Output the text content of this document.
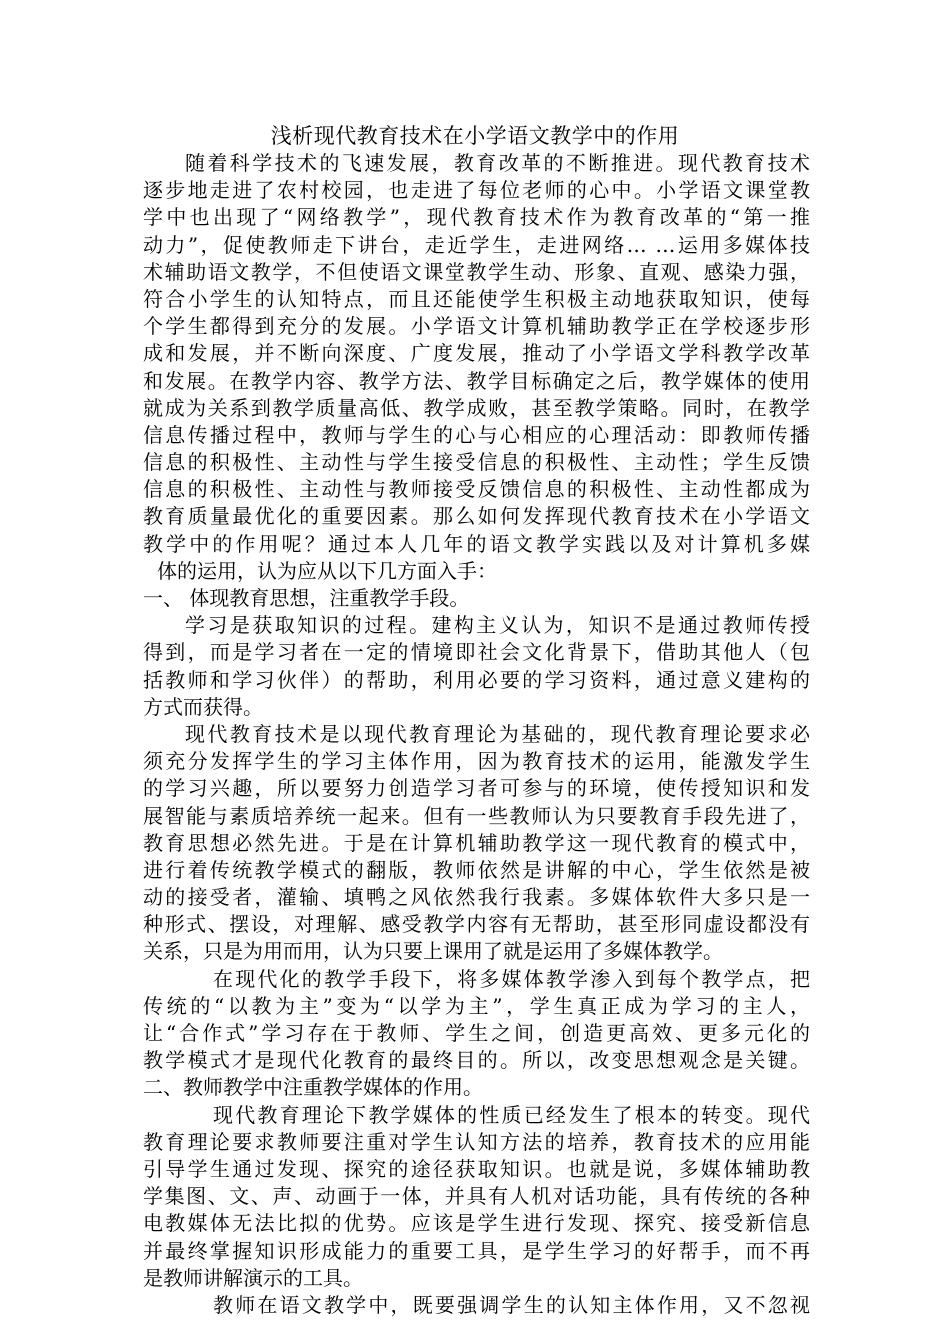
浅析现代教育技术在小学语文教学中的作用
随着科学技术的飞速发展，教育改革的不断推进。现代教育技术
逐步地走进了农村校园，也走进了每位老师的心中。小学语文课堂教
学中也出现了“网络教学”，现代教育技术作为教育改革的“第一推
动力”，促使教师走下讲台，走近学生，走进网络… …运用多媒体技
术辅助语文教学，不但使语文课堂教学生动、形象、直观、感染力强，
符合小学生的认知特点，而且还能使学生积极主动地获取知识，使每
个学生都得到充分的发展。小学语文计算机辅助教学正在学校逐步形
成和发展，并不断向深度、广度发展，推动了小学语文学科教学改革
和发展。在教学内容、教学方法、教学目标确定之后，教学媒体的使用
就成为关系到教学质量高低、教学成败，甚至教学策略。同时，在教学
信息传播过程中，教师与学生的心与心相应的心理活动：即教师传播
信息的积极性、主动性与学生接受信息的积极性、主动性；学生反馈
信息的积极性、主动性与教师接受反馈信息的积极性、主动性都成为
教育质量最优化的重要因素。那么如何发挥现代教育技术在小学语文
教学中的作用呢？通过本人几年的语文教学实践以及对计算机多媒
体的运用，认为应从以下几方面入手：
一、 体现教育思想，注重教学手段。
学习是获取知识的过程。建构主义认为，知识不是通过教师传授
得到，而是学习者在一定的情境即社会文化背景下，借助其他人（包
括教师和学习伙伴）的帮助，利用必要的学习资料，通过意义建构的
方式而获得。
现代教育技术是以现代教育理论为基础的，现代教育理论要求必
须充分发挥学生的学习主体作用，因为教育技术的运用，能激发学生
的学习兴趣，所以要努力创造学习者可参与的环境，使传授知识和发
展智能与素质培养统一起来。但有一些教师认为只要教育手段先进了，
教育思想必然先进。于是在计算机辅助教学这一现代教育的模式中，
进行着传统教学模式的翻版，教师依然是讲解的中心，学生依然是被
动的接受者，灌输、填鸭之风依然我行我素。多媒体软件大多只是一
种形式、摆设，对理解、感受教学内容有无帮助，甚至形同虚设都没有
关系，只是为用而用，认为只要上课用了就是运用了多媒体教学。
在现代化的教学手段下，将多媒体教学渗入到每个教学点，把
传统的“以教为主”变为“以学为主”，学生真正成为学习的主人，
让“合作式”学习存在于教师、学生之间，创造更高效、更多元化的
教学模式才是现代化教育的最终目的。所以，改变思想观念是关键。
二、教师教学中注重教学媒体的作用。
现代教育理论下教学媒体的性质已经发生了根本的转变。现代
教育理论要求教师要注重对学生认知方法的培养，教育技术的应用能
引导学生通过发现、探究的途径获取知识。也就是说，多媒体辅助教
学集图、文、声、动画于一体，并具有人机对话功能，具有传统的各种
电教媒体无法比拟的优势。应该是学生进行发现、探究、接受新信息
并最终掌握知识形成能力的重要工具，是学生学习的好帮手，而不再
是教师讲解演示的工具。
教师在语文教学中，既要强调学生的认知主体作用，又不忽视
